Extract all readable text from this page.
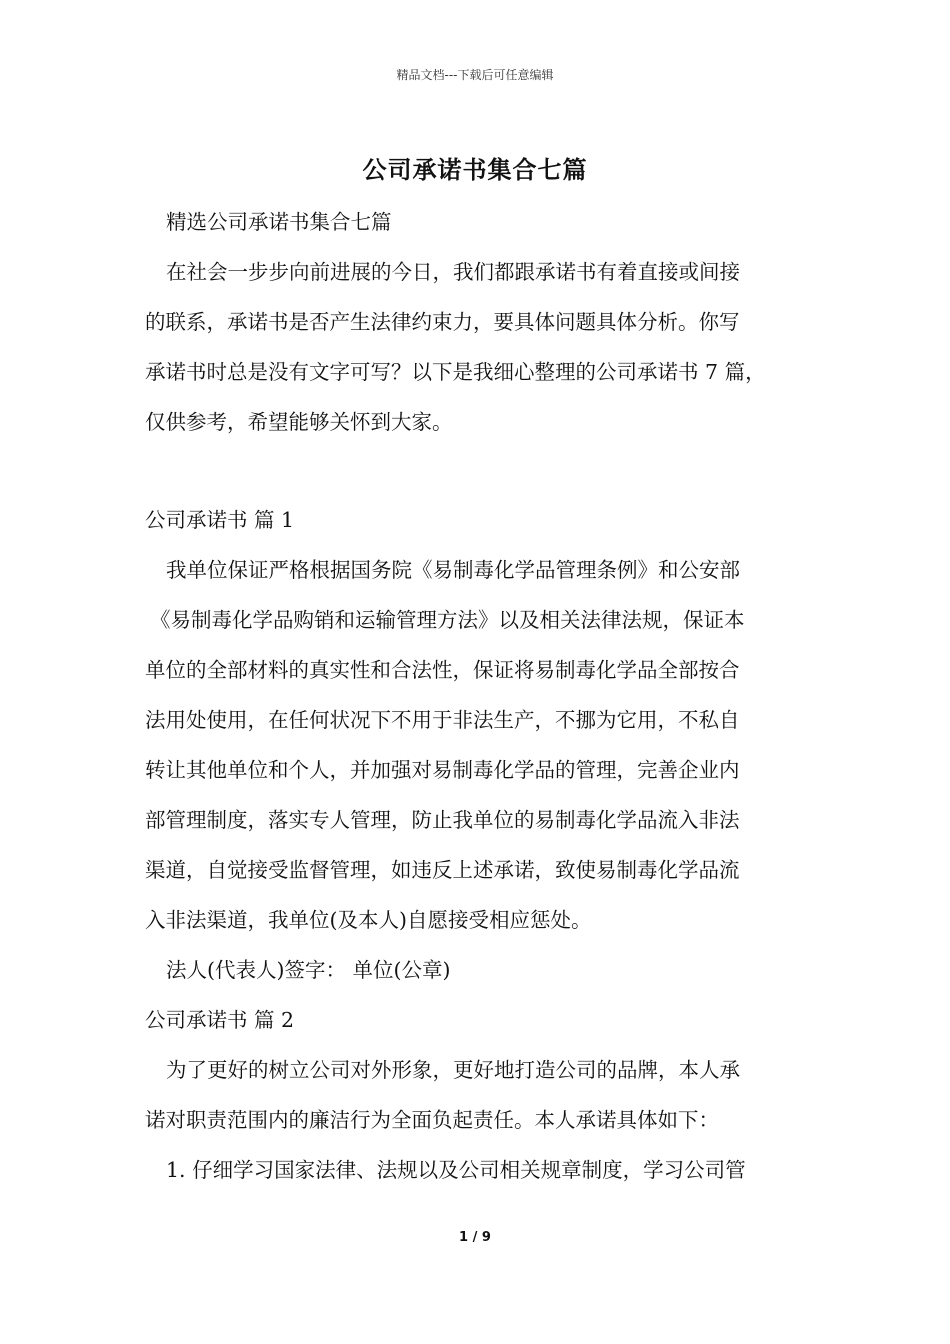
精品文档---下载后可任意编辑
公司承诺书集合七篇
精选公司承诺书集合七篇
在社会一步步向前进展的今日，我们都跟承诺书有着直接或间接
的联系，承诺书是否产生法律约束力，要具体问题具体分析。你写
承诺书时总是没有文字可写？以下是我细心整理的公司承诺书 7 篇，
仅供参考，希望能够关怀到大家。
公司承诺书 篇 1
我单位保证严格根据国务院《易制毒化学品管理条例》和公安部
《易制毒化学品购销和运输管理方法》以及相关法律法规，保证本
单位的全部材料的真实性和合法性，保证将易制毒化学品全部按合
法用处使用，在任何状况下不用于非法生产，不挪为它用，不私自
转让其他单位和个人，并加强对易制毒化学品的管理，完善企业内
部管理制度，落实专人管理，防止我单位的易制毒化学品流入非法
渠道，自觉接受监督管理，如违反上述承诺，致使易制毒化学品流
入非法渠道，我单位(及本人)自愿接受相应惩处。
法人(代表人)签字： 单位(公章)
公司承诺书 篇 2
为了更好的树立公司对外形象，更好地打造公司的品牌，本人承
诺对职责范围内的廉洁行为全面负起责任。本人承诺具体如下：
1. 仔细学习国家法律、法规以及公司相关规章制度，学习公司管
1 / 9
